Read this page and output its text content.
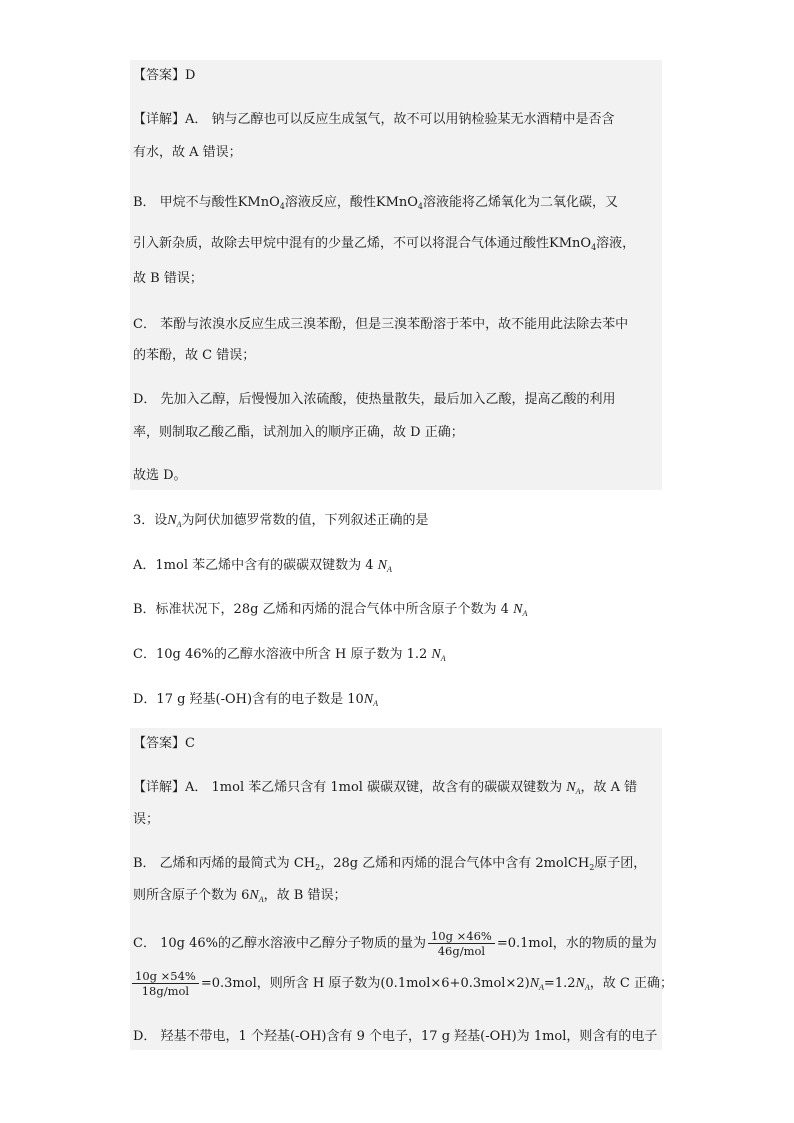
【答案】D
【详解】A． 钠与乙醇也可以反应生成氢气，故不可以用钠检验某无水酒精中是否含
有水，故 A 错误；
B． 甲烷不与酸性KMnO$_4$溶液反应，酸性KMnO$_4$溶液能将乙烯氧化为二氧化碳，又
引入新杂质，故除去甲烷中混有的少量乙烯，不可以将混合气体通过酸性KMnO$_4$溶液，
故 B 错误；
C． 苯酚与浓溴水反应生成三溴苯酚，但是三溴苯酚溶于苯中，故不能用此法除去苯中
的苯酚，故 C 错误；
D． 先加入乙醇，后慢慢加入浓硫酸，使热量散失，最后加入乙酸，提高乙酸的利用
率，则制取乙酸乙酯，试剂加入的顺序正确，故 D 正确；
故选 D。
3．设$N_A$为阿伏加德罗常数的值，下列叙述正确的是
A．1mol 苯乙烯中含有的碳碳双键数为 4 $N_A$
B．标准状况下，28g 乙烯和丙烯的混合气体中所含原子个数为 4 $N_A$
C．10g 46%的乙醇水溶液中所含 H 原子数为 1.2 $N_A$
D．17 g 羟基(-OH)含有的电子数是 $10N_A$
【答案】C
【详解】A． 1mol 苯乙烯只含有 1mol 碳碳双键，故含有的碳碳双键数为 $N_A$，故 A 错
误；
B． 乙烯和丙烯的最简式为 $CH_2$，28g 乙烯和丙烯的混合气体中含有 2molCH$_2$原子团，
则所含原子个数为 $6N_A$，故 B 错误；
C． 10g 46%的乙醇水溶液中乙醇分子物质的量为 $\frac{10g \times 46\%}{\text{46g/mol}} =0.1mol$，水的物质的量为
$\frac{10g \times 54\%}{\text{18g/mol}} =0.3mol$，则所含 H 原子数为$(0.1mol\times 6+0.3mol\times 2)N_A=1.2N_A$，故 C 正确；
D． 羟基不带电，1 个羟基(-OH)含有 9 个电子，17 g 羟基(-OH)为 1mol，则含有的电子
